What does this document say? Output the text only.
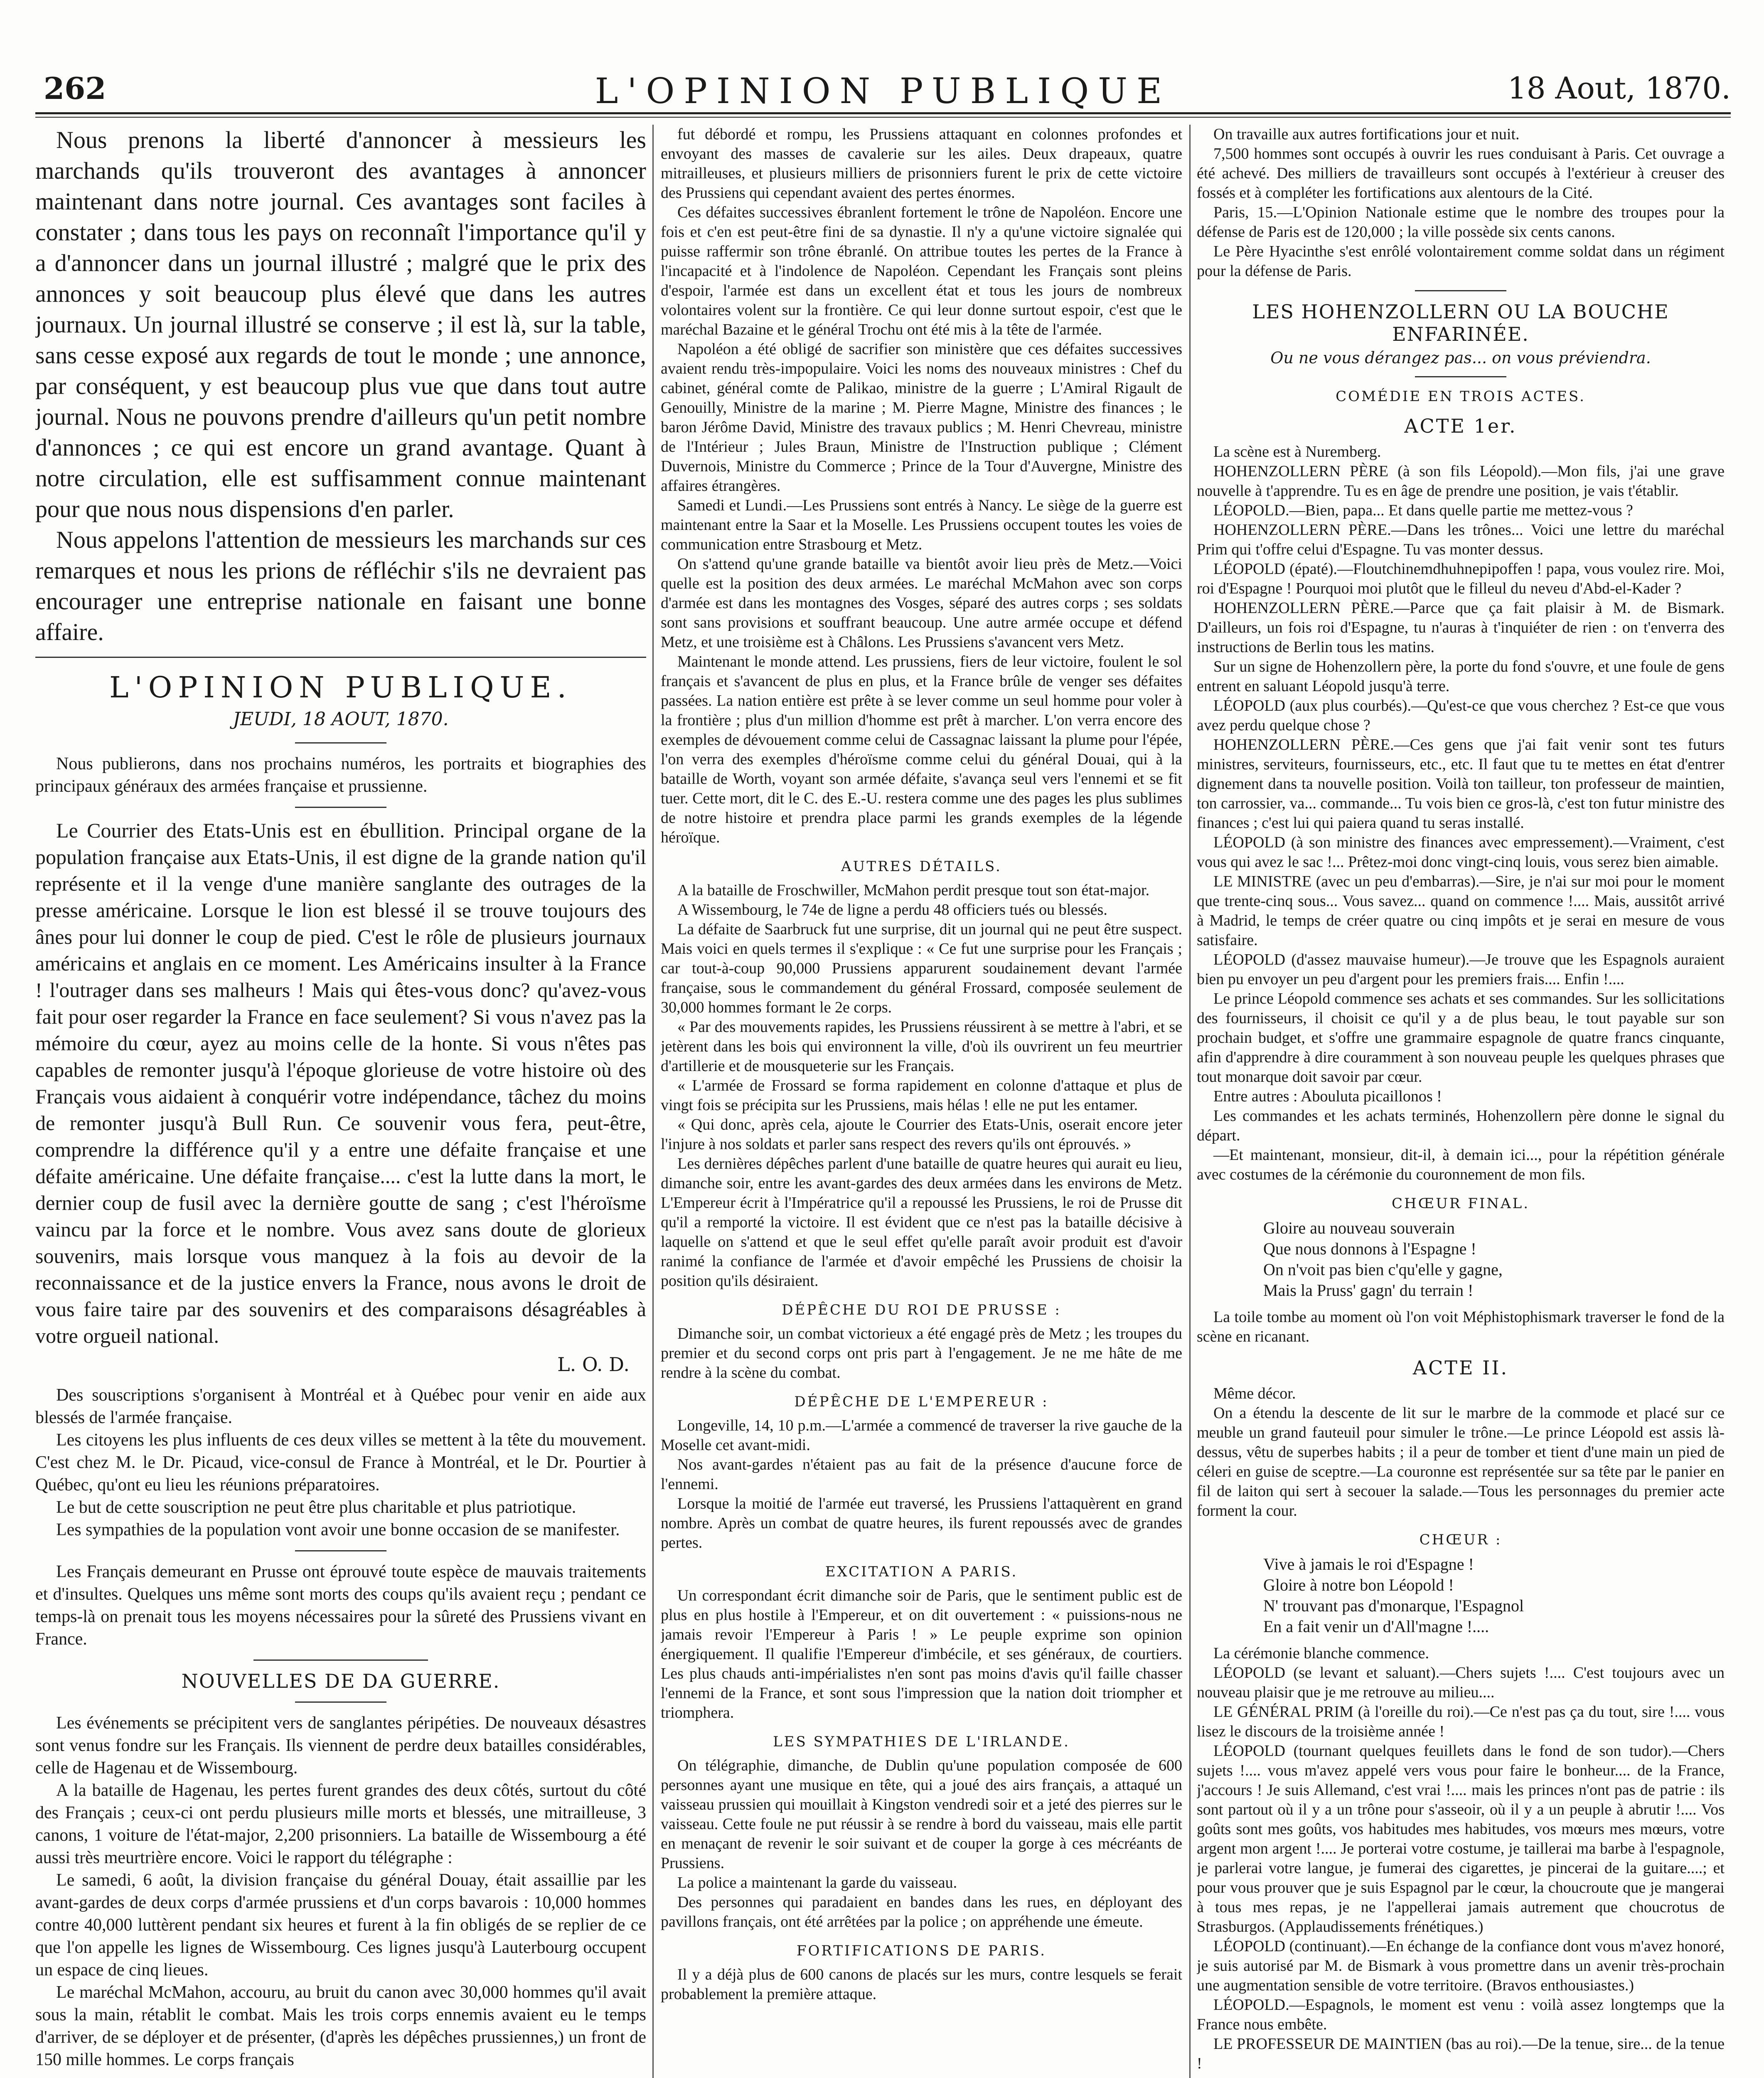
262	L'OPINION PUBLIQUE	18 Aout, 1870.

Nous prenons la liberté d'annoncer à messieurs les marchands qu'ils trouveront des avantages à annoncer maintenant dans notre journal. Ces avantages sont faciles à constater ; dans tous les pays on reconnaît l'importance qu'il y a d'annoncer dans un journal illustré ; malgré que le prix des annonces y soit beaucoup plus élevé que dans les autres journaux. Un journal illustré se conserve ; il est là, sur la table, sans cesse exposé aux regards de tout le monde ; une annonce, par conséquent, y est beaucoup plus vue que dans tout autre journal. Nous ne pouvons prendre d'ailleurs qu'un petit nombre d'annonces ; ce qui est encore un grand avantage. Quant à notre circulation, elle est suffisamment connue maintenant pour que nous nous dispensions d'en parler.

Nous appelons l'attention de messieurs les marchands sur ces remarques et nous les prions de réfléchir s'ils ne devraient pas encourager une entreprise nationale en faisant une bonne affaire.

L'OPINION PUBLIQUE.
JEUDI, 18 AOUT, 1870.

Nous publierons, dans nos prochains numéros, les portraits et biographies des principaux généraux des armées française et prussienne.

Le Courrier des Etats-Unis est en ébullition. Principal organe de la population française aux Etats-Unis, il est digne de la grande nation qu'il représente et il la venge d'une manière sanglante des outrages de la presse américaine. Lorsque le lion est blessé il se trouve toujours des ânes pour lui donner le coup de pied. C'est le rôle de plusieurs journaux américains et anglais en ce moment. Les Américains insulter à la France ! l'outrager dans ses malheurs ! Mais qui êtes-vous donc? qu'avez-vous fait pour oser regarder la France en face seulement? Si vous n'avez pas la mémoire du cœur, ayez au moins celle de la honte. Si vous n'êtes pas capables de remonter jusqu'à l'époque glorieuse de votre histoire où des Français vous aidaient à conquérir votre indépendance, tâchez du moins de remonter jusqu'à Bull Run. Ce souvenir vous fera, peut-être, comprendre la différence qu'il y a entre une défaite française et une défaite américaine. Une défaite française.... c'est la lutte dans la mort, le dernier coup de fusil avec la dernière goutte de sang ; c'est l'héroïsme vaincu par la force et le nombre. Vous avez sans doute de glorieux souvenirs, mais lorsque vous manquez à la fois au devoir de la reconnaissance et de la justice envers la France, nous avons le droit de vous faire taire par des souvenirs et des comparaisons désagréables à votre orgueil national.

L. O. D.

Des souscriptions s'organisent à Montréal et à Québec pour venir en aide aux blessés de l'armée française.

Les citoyens les plus influents de ces deux villes se mettent à la tête du mouvement. C'est chez M. le Dr. Picaud, vice-consul de France à Montréal, et le Dr. Pourtier à Québec, qu'ont eu lieu les réunions préparatoires.

Le but de cette souscription ne peut être plus charitable et plus patriotique.

Les sympathies de la population vont avoir une bonne occasion de se manifester.

Les Français demeurant en Prusse ont éprouvé toute espèce de mauvais traitements et d'insultes. Quelques uns même sont morts des coups qu'ils avaient reçu ; pendant ce temps-là on prenait tous les moyens nécessaires pour la sûreté des Prussiens vivant en France.

NOUVELLES DE DA GUERRE.

Les événements se précipitent vers de sanglantes péripéties. De nouveaux désastres sont venus fondre sur les Français. Ils viennent de perdre deux batailles considérables, celle de Hagenau et de Wissembourg.

A la bataille de Hagenau, les pertes furent grandes des deux côtés, surtout du côté des Français ; ceux-ci ont perdu plusieurs mille morts et blessés, une mitrailleuse, 3 canons, 1 voiture de l'état-major, 2,200 prisonniers. La bataille de Wissembourg a été aussi très meurtrière encore. Voici le rapport du télégraphe :

Le samedi, 6 août, la division française du général Douay, était assaillie par les avant-gardes de deux corps d'armée prussiens et d'un corps bavarois : 10,000 hommes contre 40,000 luttèrent pendant six heures et furent à la fin obligés de se replier de ce que l'on appelle les lignes de Wissembourg. Ces lignes jusqu'à Lauterbourg occupent un espace de cinq lieues.

Le maréchal McMahon, accouru, au bruit du canon avec 30,000 hommes qu'il avait sous la main, rétablit le combat. Mais les trois corps ennemis avaient eu le temps d'arriver, de se déployer et de présenter, (d'après les dépêches prussiennes,) un front de 150 mille hommes. Le corps français

fut débordé et rompu, les Prussiens attaquant en colonnes profondes et envoyant des masses de cavalerie sur les ailes. Deux drapeaux, quatre mitrailleuses, et plusieurs milliers de prisonniers furent le prix de cette victoire des Prussiens qui cependant avaient des pertes énormes.

Ces défaites successives ébranlent fortement le trône de Napoléon. Encore une fois et c'en est peut-être fini de sa dynastie. Il n'y a qu'une victoire signalée qui puisse raffermir son trône ébranlé. On attribue toutes les pertes de la France à l'incapacité et à l'indolence de Napoléon. Cependant les Français sont pleins d'espoir, l'armée est dans un excellent état et tous les jours de nombreux volontaires volent sur la frontière. Ce qui leur donne surtout espoir, c'est que le maréchal Bazaine et le général Trochu ont été mis à la tête de l'armée.

Napoléon a été obligé de sacrifier son ministère que ces défaites successives avaient rendu très-impopulaire. Voici les noms des nouveaux ministres : Chef du cabinet, général comte de Palikao, ministre de la guerre ; L'Amiral Rigault de Genouilly, Ministre de la marine ; M. Pierre Magne, Ministre des finances ; le baron Jérôme David, Ministre des travaux publics ; M. Henri Chevreau, ministre de l'Intérieur ; Jules Braun, Ministre de l'Instruction publique ; Clément Duvernois, Ministre du Commerce ; Prince de la Tour d'Auvergne, Ministre des affaires étrangères.

Samedi et Lundi.—Les Prussiens sont entrés à Nancy. Le siège de la guerre est maintenant entre la Saar et la Moselle. Les Prussiens occupent toutes les voies de communication entre Strasbourg et Metz.

On s'attend qu'une grande bataille va bientôt avoir lieu près de Metz.—Voici quelle est la position des deux armées. Le maréchal McMahon avec son corps d'armée est dans les montagnes des Vosges, séparé des autres corps ; ses soldats sont sans provisions et souffrant beaucoup. Une autre armée occupe et défend Metz, et une troisième est à Châlons. Les Prussiens s'avancent vers Metz.

Maintenant le monde attend. Les prussiens, fiers de leur victoire, foulent le sol français et s'avancent de plus en plus, et la France brûle de venger ses défaites passées. La nation entière est prête à se lever comme un seul homme pour voler à la frontière ; plus d'un million d'homme est prêt à marcher. L'on verra encore des exemples de dévouement comme celui de Cassagnac laissant la plume pour l'épée, l'on verra des exemples d'héroïsme comme celui du général Douai, qui à la bataille de Worth, voyant son armée défaite, s'avança seul vers l'ennemi et se fit tuer. Cette mort, dit le C. des E.-U. restera comme une des pages les plus sublimes de notre histoire et prendra place parmi les grands exemples de la légende héroïque.

AUTRES DÉTAILS.

A la bataille de Froschwiller, McMahon perdit presque tout son état-major.

A Wissembourg, le 74e de ligne a perdu 48 officiers tués ou blessés.

La défaite de Saarbruck fut une surprise, dit un journal qui ne peut être suspect. Mais voici en quels termes il s'explique : « Ce fut une surprise pour les Français ; car tout-à-coup 90,000 Prussiens apparurent soudainement devant l'armée française, sous le commandement du général Frossard, composée seulement de 30,000 hommes formant le 2e corps.

« Par des mouvements rapides, les Prussiens réussirent à se mettre à l'abri, et se jetèrent dans les bois qui environnent la ville, d'où ils ouvrirent un feu meurtrier d'artillerie et de mousqueterie sur les Français.

« L'armée de Frossard se forma rapidement en colonne d'attaque et plus de vingt fois se précipita sur les Prussiens, mais hélas ! elle ne put les entamer.

« Qui donc, après cela, ajoute le Courrier des Etats-Unis, oserait encore jeter l'injure à nos soldats et parler sans respect des revers qu'ils ont éprouvés. »

Les dernières dépêches parlent d'une bataille de quatre heures qui aurait eu lieu, dimanche soir, entre les avant-gardes des deux armées dans les environs de Metz. L'Empereur écrit à l'Impératrice qu'il a repoussé les Prussiens, le roi de Prusse dit qu'il a remporté la victoire. Il est évident que ce n'est pas la bataille décisive à laquelle on s'attend et que le seul effet qu'elle paraît avoir produit est d'avoir ranimé la confiance de l'armée et d'avoir empêché les Prussiens de choisir la position qu'ils désiraient.

DÉPÊCHE DU ROI DE PRUSSE :

Dimanche soir, un combat victorieux a été engagé près de Metz ; les troupes du premier et du second corps ont pris part à l'engagement. Je ne me hâte de me rendre à la scène du combat.

DÉPÊCHE DE L'EMPEREUR :

Longeville, 14, 10 p.m.—L'armée a commencé de traverser la rive gauche de la Moselle cet avant-midi.

Nos avant-gardes n'étaient pas au fait de la présence d'aucune force de l'ennemi.

Lorsque la moitié de l'armée eut traversé, les Prussiens l'attaquèrent en grand nombre. Après un combat de quatre heures, ils furent repoussés avec de grandes pertes.

EXCITATION A PARIS.

Un correspondant écrit dimanche soir de Paris, que le sentiment public est de plus en plus hostile à l'Empereur, et on dit ouvertement : « puissions-nous ne jamais revoir l'Empereur à Paris ! » Le peuple exprime son opinion énergiquement. Il qualifie l'Empereur d'imbécile, et ses généraux, de courtiers. Les plus chauds anti-impérialistes n'en sont pas moins d'avis qu'il faille chasser l'ennemi de la France, et sont sous l'impression que la nation doit triompher et triomphera.

LES SYMPATHIES DE L'IRLANDE.

On télégraphie, dimanche, de Dublin qu'une population composée de 600 personnes ayant une musique en tête, qui a joué des airs français, a attaqué un vaisseau prussien qui mouillait à Kingston vendredi soir et a jeté des pierres sur le vaisseau. Cette foule ne put réussir à se rendre à bord du vaisseau, mais elle partit en menaçant de revenir le soir suivant et de couper la gorge à ces mécréants de Prussiens.

La police a maintenant la garde du vaisseau.

Des personnes qui paradaient en bandes dans les rues, en déployant des pavillons français, ont été arrêtées par la police ; on appréhende une émeute.

FORTIFICATIONS DE PARIS.

Il y a déjà plus de 600 canons de placés sur les murs, contre lesquels se ferait probablement la première attaque.

On travaille aux autres fortifications jour et nuit.

7,500 hommes sont occupés à ouvrir les rues conduisant à Paris. Cet ouvrage a été achevé. Des milliers de travailleurs sont occupés à l'extérieur à creuser des fossés et à compléter les fortifications aux alentours de la Cité.

Paris, 15.—L'Opinion Nationale estime que le nombre des troupes pour la défense de Paris est de 120,000 ; la ville possède six cents canons.

Le Père Hyacinthe s'est enrôlé volontairement comme soldat dans un régiment pour la défense de Paris.

LES HOHENZOLLERN OU LA BOUCHE ENFARINÉE.
Ou ne vous dérangez pas... on vous préviendra.
COMÉDIE EN TROIS ACTES.
ACTE 1er.

La scène est à Nuremberg.

HOHENZOLLERN PÈRE (à son fils Léopold).—Mon fils, j'ai une grave nouvelle à t'apprendre. Tu es en âge de prendre une position, je vais t'établir.

LÉOPOLD.—Bien, papa... Et dans quelle partie me mettez-vous ?

HOHENZOLLERN PÈRE.—Dans les trônes... Voici une lettre du maréchal Prim qui t'offre celui d'Espagne. Tu vas monter dessus.

LÉOPOLD (épaté).—Floutchinemdhuhnepipoffen ! papa, vous voulez rire. Moi, roi d'Espagne ! Pourquoi moi plutôt que le filleul du neveu d'Abd-el-Kader ?

HOHENZOLLERN PÈRE.—Parce que ça fait plaisir à M. de Bismark. D'ailleurs, un fois roi d'Espagne, tu n'auras à t'inquiéter de rien : on t'enverra des instructions de Berlin tous les matins.

Sur un signe de Hohenzollern père, la porte du fond s'ouvre, et une foule de gens entrent en saluant Léopold jusqu'à terre.

LÉOPOLD (aux plus courbés).—Qu'est-ce que vous cherchez ? Est-ce que vous avez perdu quelque chose ?

HOHENZOLLERN PÈRE.—Ces gens que j'ai fait venir sont tes futurs ministres, serviteurs, fournisseurs, etc., etc. Il faut que tu te mettes en état d'entrer dignement dans ta nouvelle position. Voilà ton tailleur, ton professeur de maintien, ton carrossier, va... commande... Tu vois bien ce gros-là, c'est ton futur ministre des finances ; c'est lui qui paiera quand tu seras installé.

LÉOPOLD (à son ministre des finances avec empressement).—Vraiment, c'est vous qui avez le sac !... Prêtez-moi donc vingt-cinq louis, vous serez bien aimable.

LE MINISTRE (avec un peu d'embarras).—Sire, je n'ai sur moi pour le moment que trente-cinq sous... Vous savez... quand on commence !.... Mais, aussitôt arrivé à Madrid, le temps de créer quatre ou cinq impôts et je serai en mesure de vous satisfaire.

LÉOPOLD (d'assez mauvaise humeur).—Je trouve que les Espagnols auraient bien pu envoyer un peu d'argent pour les premiers frais.... Enfin !....

Le prince Léopold commence ses achats et ses commandes. Sur les sollicitations des fournisseurs, il choisit ce qu'il y a de plus beau, le tout payable sur son prochain budget, et s'offre une grammaire espagnole de quatre francs cinquante, afin d'apprendre à dire couramment à son nouveau peuple les quelques phrases que tout monarque doit savoir par cœur.

Entre autres : Abouluta picaillonos !

Les commandes et les achats terminés, Hohenzollern père donne le signal du départ.

—Et maintenant, monsieur, dit-il, à demain ici..., pour la répétition générale avec costumes de la cérémonie du couronnement de mon fils.

CHŒUR FINAL.
Gloire au nouveau souverain
Que nous donnons à l'Espagne !
On n'voit pas bien c'qu'elle y gagne,
Mais la Pruss' gagn' du terrain !

La toile tombe au moment où l'on voit Méphistophismark traverser le fond de la scène en ricanant.

ACTE II.

Même décor.

On a étendu la descente de lit sur le marbre de la commode et placé sur ce meuble un grand fauteuil pour simuler le trône.—Le prince Léopold est assis là-dessus, vêtu de superbes habits ; il a peur de tomber et tient d'une main un pied de céleri en guise de sceptre.—La couronne est représentée sur sa tête par le panier en fil de laiton qui sert à secouer la salade.—Tous les personnages du premier acte forment la cour.

CHŒUR :
Vive à jamais le roi d'Espagne !
Gloire à notre bon Léopold !
N' trouvant pas d'monarque, l'Espagnol
En a fait venir un d'All'magne !....

La cérémonie blanche commence.

LÉOPOLD (se levant et saluant).—Chers sujets !.... C'est toujours avec un nouveau plaisir que je me retrouve au milieu....

LE GÉNÉRAL PRIM (à l'oreille du roi).—Ce n'est pas ça du tout, sire !.... vous lisez le discours de la troisième année !

LÉOPOLD (tournant quelques feuillets dans le fond de son tudor).—Chers sujets !.... vous m'avez appelé vers vous pour faire le bonheur.... de la France, j'accours ! Je suis Allemand, c'est vrai !.... mais les princes n'ont pas de patrie : ils sont partout où il y a un trône pour s'asseoir, où il y a un peuple à abrutir !.... Vos goûts sont mes goûts, vos habitudes mes habitudes, vos mœurs mes mœurs, votre argent mon argent !.... Je porterai votre costume, je taillerai ma barbe à l'espagnole, je parlerai votre langue, je fumerai des cigarettes, je pincerai de la guitare....; et pour vous prouver que je suis Espagnol par le cœur, la choucroute que je mangerai à tous mes repas, je ne l'appellerai jamais autrement que choucrotus de Strasburgos. (Applaudissements frénétiques.)

LÉOPOLD (continuant).—En échange de la confiance dont vous m'avez honoré, je suis autorisé par M. de Bismark à vous promettre dans un avenir très-prochain une augmentation sensible de votre territoire. (Bravos enthousiastes.)

LÉOPOLD.—Espagnols, le moment est venu : voilà assez longtemps que la France nous embête.

LE PROFESSEUR DE MAINTIEN (bas au roi).—De la tenue, sire... de la tenue !
